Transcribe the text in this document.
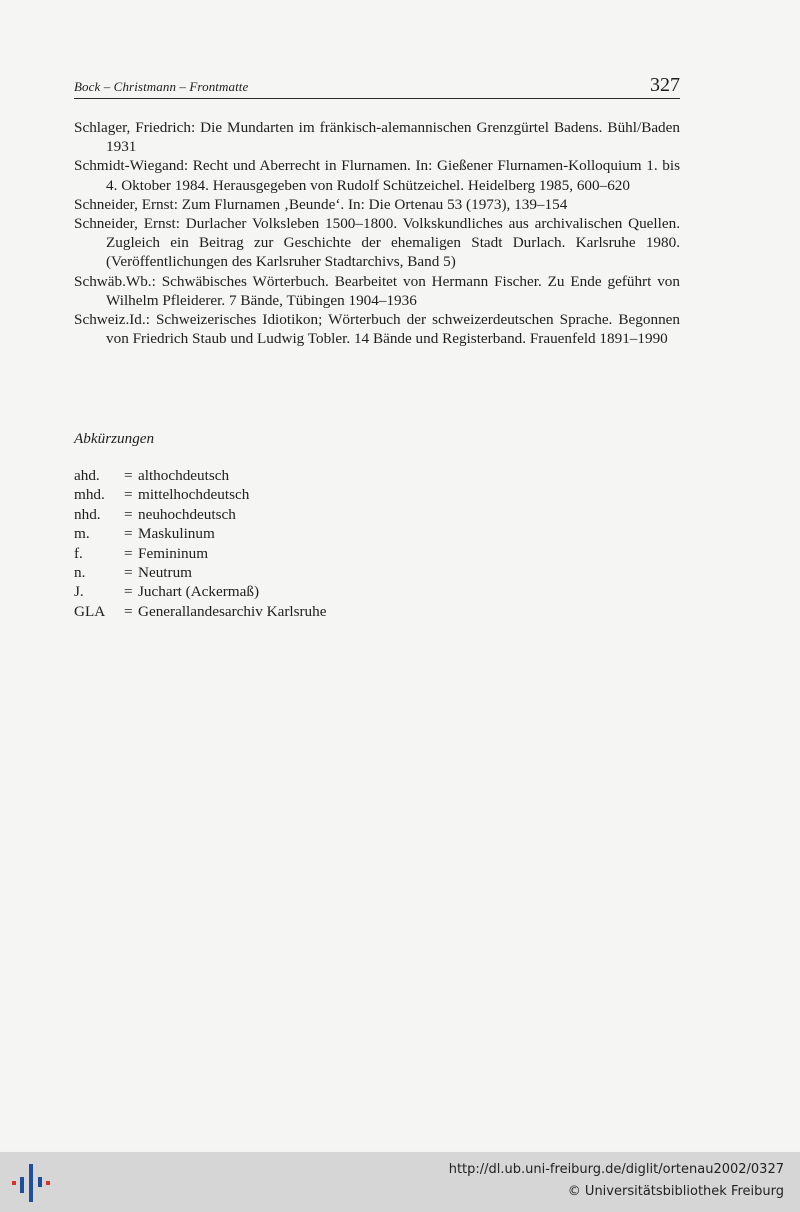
Bock – Christmann – Frontmatte	327

Schlager, Friedrich: Die Mundarten im fränkisch-alemannischen Grenzgürtel Badens. Bühl/Baden 1931

Schmidt-Wiegand: Recht und Aberrecht in Flurnamen. In: Gießener Flurnamen-Kolloquium 1. bis 4. Oktober 1984. Herausgegeben von Rudolf Schützeichel. Heidelberg 1985, 600–620

Schneider, Ernst: Zum Flurnamen ‚Beunde‘. In: Die Ortenau 53 (1973), 139–154

Schneider, Ernst: Durlacher Volksleben 1500–1800. Volkskundliches aus archivalischen Quellen. Zugleich ein Beitrag zur Geschichte der ehemaligen Stadt Durlach. Karlsruhe 1980. (Veröffentlichungen des Karlsruher Stadtarchivs, Band 5)

Schwäb.Wb.: Schwäbisches Wörterbuch. Bearbeitet von Hermann Fischer. Zu Ende geführt von Wilhelm Pfleiderer. 7 Bände, Tübingen 1904–1936

Schweiz.Id.: Schweizerisches Idiotikon; Wörterbuch der schweizerdeutschen Sprache. Begonnen von Friedrich Staub und Ludwig Tobler. 14 Bände und Registerband. Frauenfeld 1891–1990

Abkürzungen
ahd.	= althochdeutsch
mhd.	= mittelhochdeutsch
nhd.	= neuhochdeutsch
m.	= Maskulinum
f.	= Femininum
n.	= Neutrum
J.	= Juchart (Ackermaß)
GLA	= Generallandesarchiv Karlsruhe
http://dl.ub.uni-freiburg.de/diglit/ortenau2002/0327
© Universitätsbibliothek Freiburg
